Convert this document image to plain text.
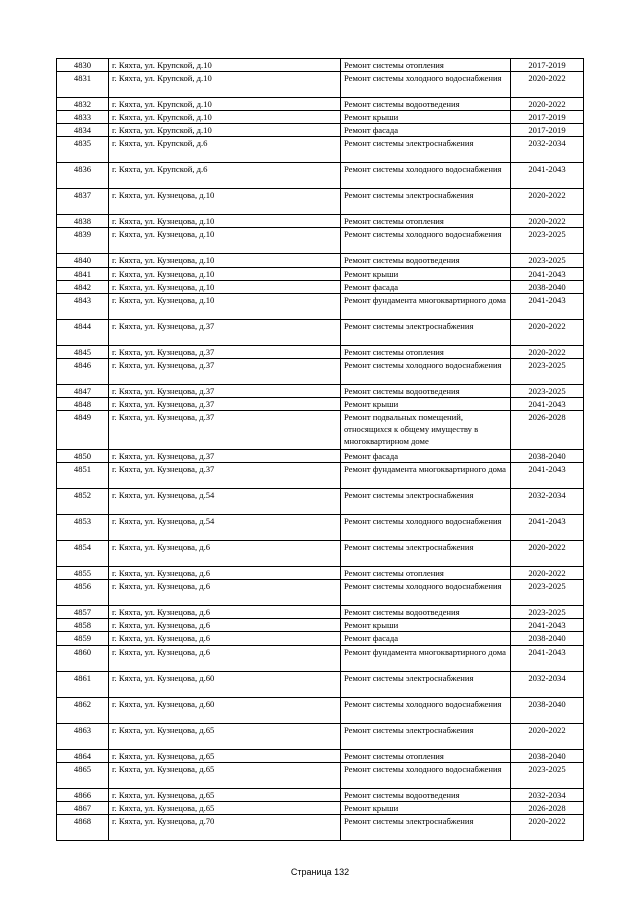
4830	г. Кяхта, ул. Крупской, д.10	Ремонт системы отопления	2017-2019
4831	г. Кяхта, ул. Крупской, д.10	Ремонт системы холодного водоснабжения	2020-2022
4832	г. Кяхта, ул. Крупской, д.10	Ремонт системы водоотведения	2020-2022
4833	г. Кяхта, ул. Крупской, д.10	Ремонт крыши	2017-2019
4834	г. Кяхта, ул. Крупской, д.10	Ремонт фасада	2017-2019
4835	г. Кяхта, ул. Крупской, д.6	Ремонт системы электроснабжения	2032-2034
4836	г. Кяхта, ул. Крупской, д.6	Ремонт системы холодного водоснабжения	2041-2043
4837	г. Кяхта, ул. Кузнецова, д.10	Ремонт системы электроснабжения	2020-2022
4838	г. Кяхта, ул. Кузнецова, д.10	Ремонт системы отопления	2020-2022
4839	г. Кяхта, ул. Кузнецова, д.10	Ремонт системы холодного водоснабжения	2023-2025
4840	г. Кяхта, ул. Кузнецова, д.10	Ремонт системы водоотведения	2023-2025
4841	г. Кяхта, ул. Кузнецова, д.10	Ремонт крыши	2041-2043
4842	г. Кяхта, ул. Кузнецова, д.10	Ремонт фасада	2038-2040
4843	г. Кяхта, ул. Кузнецова, д.10	Ремонт фундамента многоквартирного дома	2041-2043
4844	г. Кяхта, ул. Кузнецова, д.37	Ремонт системы электроснабжения	2020-2022
4845	г. Кяхта, ул. Кузнецова, д.37	Ремонт системы отопления	2020-2022
4846	г. Кяхта, ул. Кузнецова, д.37	Ремонт системы холодного водоснабжения	2023-2025
4847	г. Кяхта, ул. Кузнецова, д.37	Ремонт системы водоотведения	2023-2025
4848	г. Кяхта, ул. Кузнецова, д.37	Ремонт крыши	2041-2043
4849	г. Кяхта, ул. Кузнецова, д.37	Ремонт подвальных помещений, относящихся к общему имуществу в многоквартирном доме	2026-2028
4850	г. Кяхта, ул. Кузнецова, д.37	Ремонт фасада	2038-2040
4851	г. Кяхта, ул. Кузнецова, д.37	Ремонт фундамента многоквартирного дома	2041-2043
4852	г. Кяхта, ул. Кузнецова, д.54	Ремонт системы электроснабжения	2032-2034
4853	г. Кяхта, ул. Кузнецова, д.54	Ремонт системы холодного водоснабжения	2041-2043
4854	г. Кяхта, ул. Кузнецова, д.6	Ремонт системы электроснабжения	2020-2022
4855	г. Кяхта, ул. Кузнецова, д.6	Ремонт системы отопления	2020-2022
4856	г. Кяхта, ул. Кузнецова, д.6	Ремонт системы холодного водоснабжения	2023-2025
4857	г. Кяхта, ул. Кузнецова, д.6	Ремонт системы водоотведения	2023-2025
4858	г. Кяхта, ул. Кузнецова, д.6	Ремонт крыши	2041-2043
4859	г. Кяхта, ул. Кузнецова, д.6	Ремонт фасада	2038-2040
4860	г. Кяхта, ул. Кузнецова, д.6	Ремонт фундамента многоквартирного дома	2041-2043
4861	г. Кяхта, ул. Кузнецова, д.60	Ремонт системы электроснабжения	2032-2034
4862	г. Кяхта, ул. Кузнецова, д.60	Ремонт системы холодного водоснабжения	2038-2040
4863	г. Кяхта, ул. Кузнецова, д.65	Ремонт системы электроснабжения	2020-2022
4864	г. Кяхта, ул. Кузнецова, д.65	Ремонт системы отопления	2038-2040
4865	г. Кяхта, ул. Кузнецова, д.65	Ремонт системы холодного водоснабжения	2023-2025
4866	г. Кяхта, ул. Кузнецова, д.65	Ремонт системы водоотведения	2032-2034
4867	г. Кяхта, ул. Кузнецова, д.65	Ремонт крыши	2026-2028
4868	г. Кяхта, ул. Кузнецова, д.70	Ремонт системы электроснабжения	2020-2022
Страница 132
